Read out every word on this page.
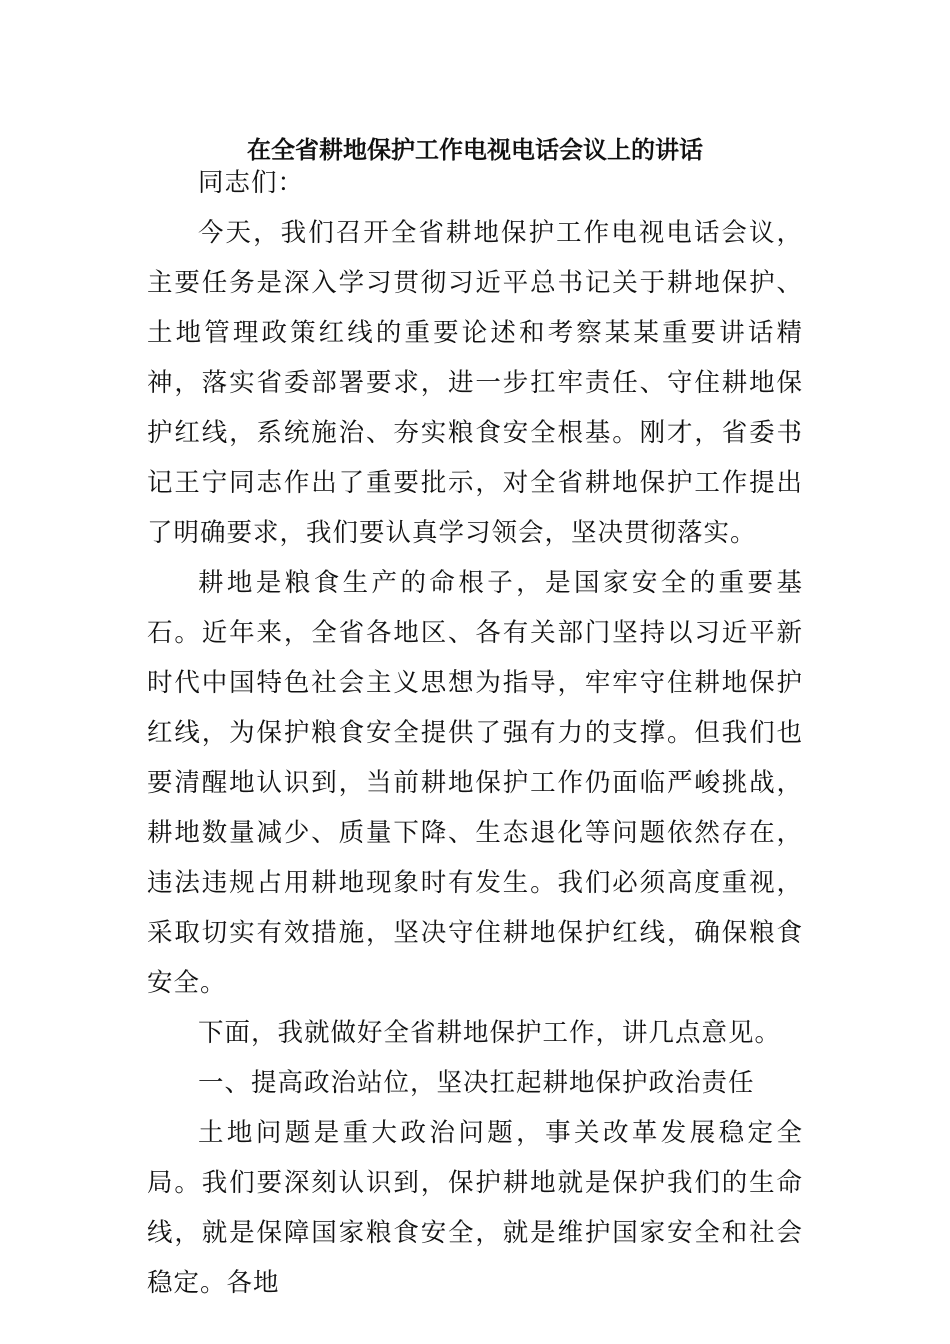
在全省耕地保护工作电视电话会议上的讲话

同志们：

今天，我们召开全省耕地保护工作电视电话会议，主要任务是深入学习贯彻习近平总书记关于耕地保护、土地管理政策红线的重要论述和考察某某重要讲话精神，落实省委部署要求，进一步扛牢责任、守住耕地保护红线，系统施治、夯实粮食安全根基。刚才，省委书记王宁同志作出了重要批示，对全省耕地保护工作提出了明确要求，我们要认真学习领会，坚决贯彻落实。

耕地是粮食生产的命根子，是国家安全的重要基石。近年来，全省各地区、各有关部门坚持以习近平新时代中国特色社会主义思想为指导，牢牢守住耕地保护红线，为保护粮食安全提供了强有力的支撑。但我们也要清醒地认识到，当前耕地保护工作仍面临严峻挑战，耕地数量减少、质量下降、生态退化等问题依然存在，违法违规占用耕地现象时有发生。我们必须高度重视，采取切实有效措施，坚决守住耕地保护红线，确保粮食安全。

下面，我就做好全省耕地保护工作，讲几点意见。

一、提高政治站位，坚决扛起耕地保护政治责任

土地问题是重大政治问题，事关改革发展稳定全局。我们要深刻认识到，保护耕地就是保护我们的生命线，就是保障国家粮食安全，就是维护国家安全和社会稳定。各地
